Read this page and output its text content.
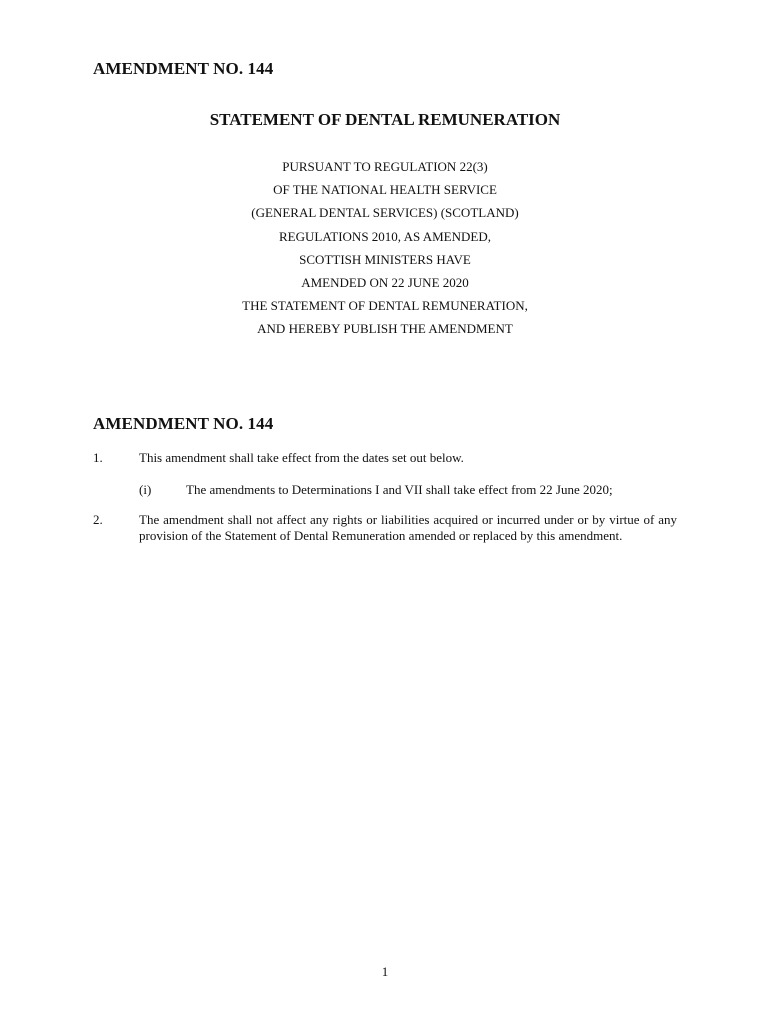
AMENDMENT NO. 144
STATEMENT OF DENTAL REMUNERATION
PURSUANT TO REGULATION 22(3)
OF THE NATIONAL HEALTH SERVICE
(GENERAL DENTAL SERVICES) (SCOTLAND)
REGULATIONS 2010, AS AMENDED,
SCOTTISH MINISTERS HAVE
AMENDED ON 22 JUNE 2020
THE STATEMENT OF DENTAL REMUNERATION,
AND HEREBY PUBLISH THE AMENDMENT
AMENDMENT NO. 144
1.	This amendment shall take effect from the dates set out below.
(i)	The amendments to Determinations I and VII shall take effect from 22 June 2020;
2.	The amendment shall not affect any rights or liabilities acquired or incurred under or by virtue of any provision of the Statement of Dental Remuneration amended or replaced by this amendment.
1
